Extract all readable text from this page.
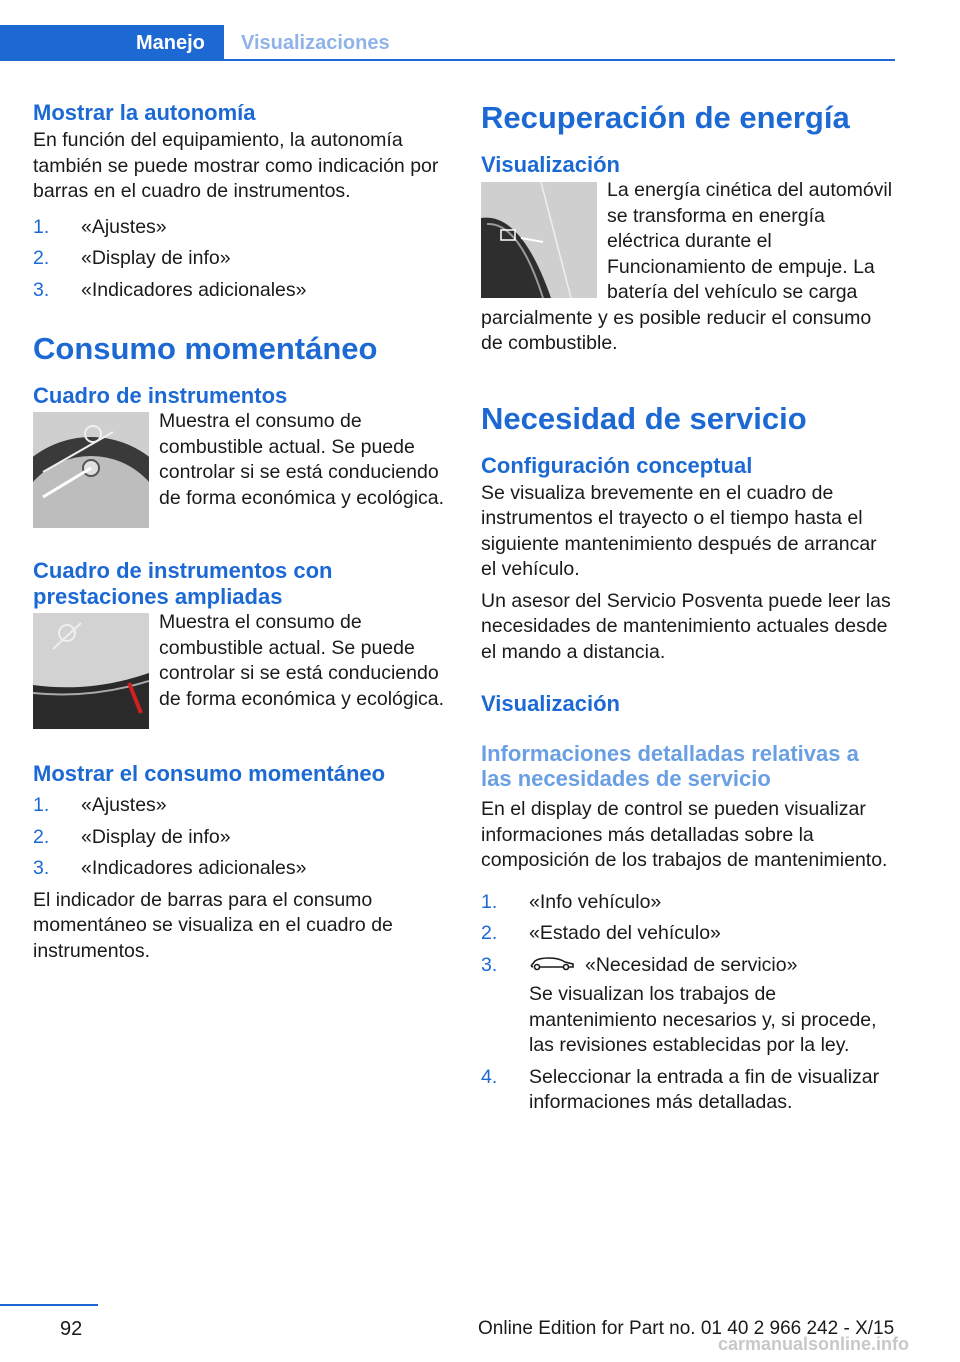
Manejo Visualizaciones
Mostrar la autonomía

En función del equipamiento, la autonomía también se puede mostrar como indicación por barras en el cuadro de instrumentos.

1. «Ajustes»
2. «Display de info»
3. «Indicadores adicionales»
Consumo momentáneo
Cuadro de instrumentos

Muestra el consumo de combustible actual. Se puede controlar si se está conduciendo de forma económica y ecológica.

Cuadro de instrumentos con prestaciones ampliadas

Muestra el consumo de combustible actual. Se puede controlar si se está conduciendo de forma económica y ecológica.

Mostrar el consumo momentáneo
1. «Ajustes»
2. «Display de info»
3. «Indicadores adicionales»

El indicador de barras para el consumo momentáneo se visualiza en el cuadro de instrumentos.

Recuperación de energía
Visualización

La energía cinética del automóvil se transforma en energía eléctrica durante el Funcionamiento de empuje. La batería del vehículo se carga parcialmente y es posible reducir el consumo de combustible.

Necesidad de servicio
Configuración conceptual

Se visualiza brevemente en el cuadro de instrumentos el trayecto o el tiempo hasta el siguiente mantenimiento después de arrancar el vehículo.

Un asesor del Servicio Posventa puede leer las necesidades de mantenimiento actuales desde el mando a distancia.

Visualización
Informaciones detalladas relativas a las necesidades de servicio

En el display de control se pueden visualizar informaciones más detalladas sobre la composición de los trabajos de mantenimiento.

1. «Info vehículo»
2. «Estado del vehículo»
3.	«Necesidad de servicio»

Se visualizan los trabajos de mantenimiento necesarios y, si procede, las revisiones establecidas por la ley.

4. Seleccionar la entrada a fin de visualizar informaciones más detalladas.
92	Online Edition for Part no. 01 40 2 966 242 - X/15
carmanualsonline.info
